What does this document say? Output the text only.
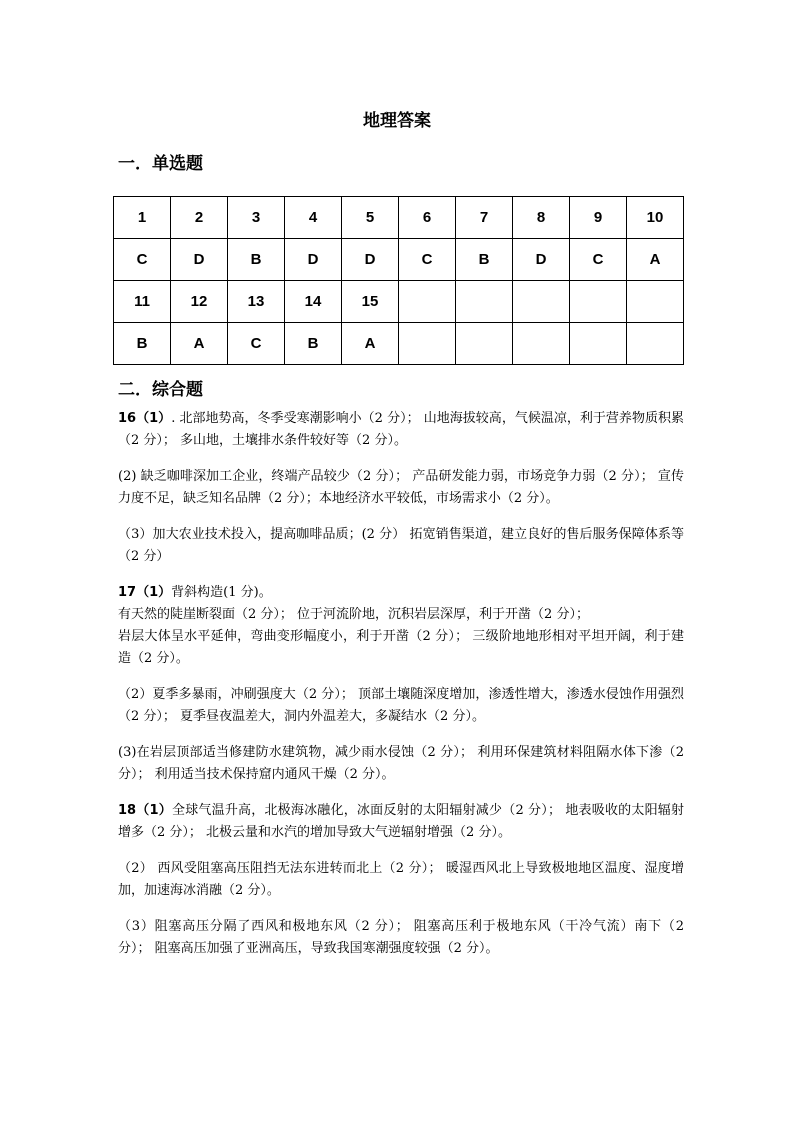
地理答案
一．单选题
1	2	3	4	5	6	7	8	9	10
C	D	B	D	D	C	B	D	C	A
11	12	13	14	15					
B	A	C	B	A					
二．综合题

16（1）. 北部地势高，冬季受寒潮影响小（2 分）； 山地海拔较高，气候温凉，利于营养物质积累（2 分）； 多山地，土壤排水条件较好等（2 分）。

(2) 缺乏咖啡深加工企业，终端产品较少（2 分）； 产品研发能力弱，市场竞争力弱（2 分）； 宣传力度不足，缺乏知名品牌（2 分）；本地经济水平较低，市场需求小（2 分）。

（3）加大农业技术投入，提高咖啡品质；(2 分） 拓宽销售渠道，建立良好的售后服务保障体系等（2 分）

17（1）背斜构造(1 分)。
有天然的陡崖断裂面（2 分）； 位于河流阶地，沉积岩层深厚，利于开凿（2 分）；
岩层大体呈水平延伸，弯曲变形幅度小，利于开凿（2 分）； 三级阶地地形相对平坦开阔，利于建造（2 分）。

（2）夏季多暴雨，冲刷强度大（2 分）； 顶部土壤随深度增加，渗透性增大，渗透水侵蚀作用强烈（2 分）； 夏季昼夜温差大，洞内外温差大，多凝结水（2 分）。

(3)在岩层顶部适当修建防水建筑物，减少雨水侵蚀（2 分）； 利用环保建筑材料阻隔水体下渗（2 分）； 利用适当技术保持窟内通风干燥（2 分）。

18（1）全球气温升高，北极海冰融化，冰面反射的太阳辐射减少（2 分）； 地表吸收的太阳辐射增多（2 分）； 北极云量和水汽的增加导致大气逆辐射增强（2 分）。

（2） 西风受阻塞高压阻挡无法东进转而北上（2 分）； 暖湿西风北上导致极地地区温度、湿度增加，加速海冰消融（2 分）。

（3）阻塞高压分隔了西风和极地东风（2 分）； 阻塞高压利于极地东风（干冷气流）南下（2 分）； 阻塞高压加强了亚洲高压，导致我国寒潮强度较强（2 分）。
